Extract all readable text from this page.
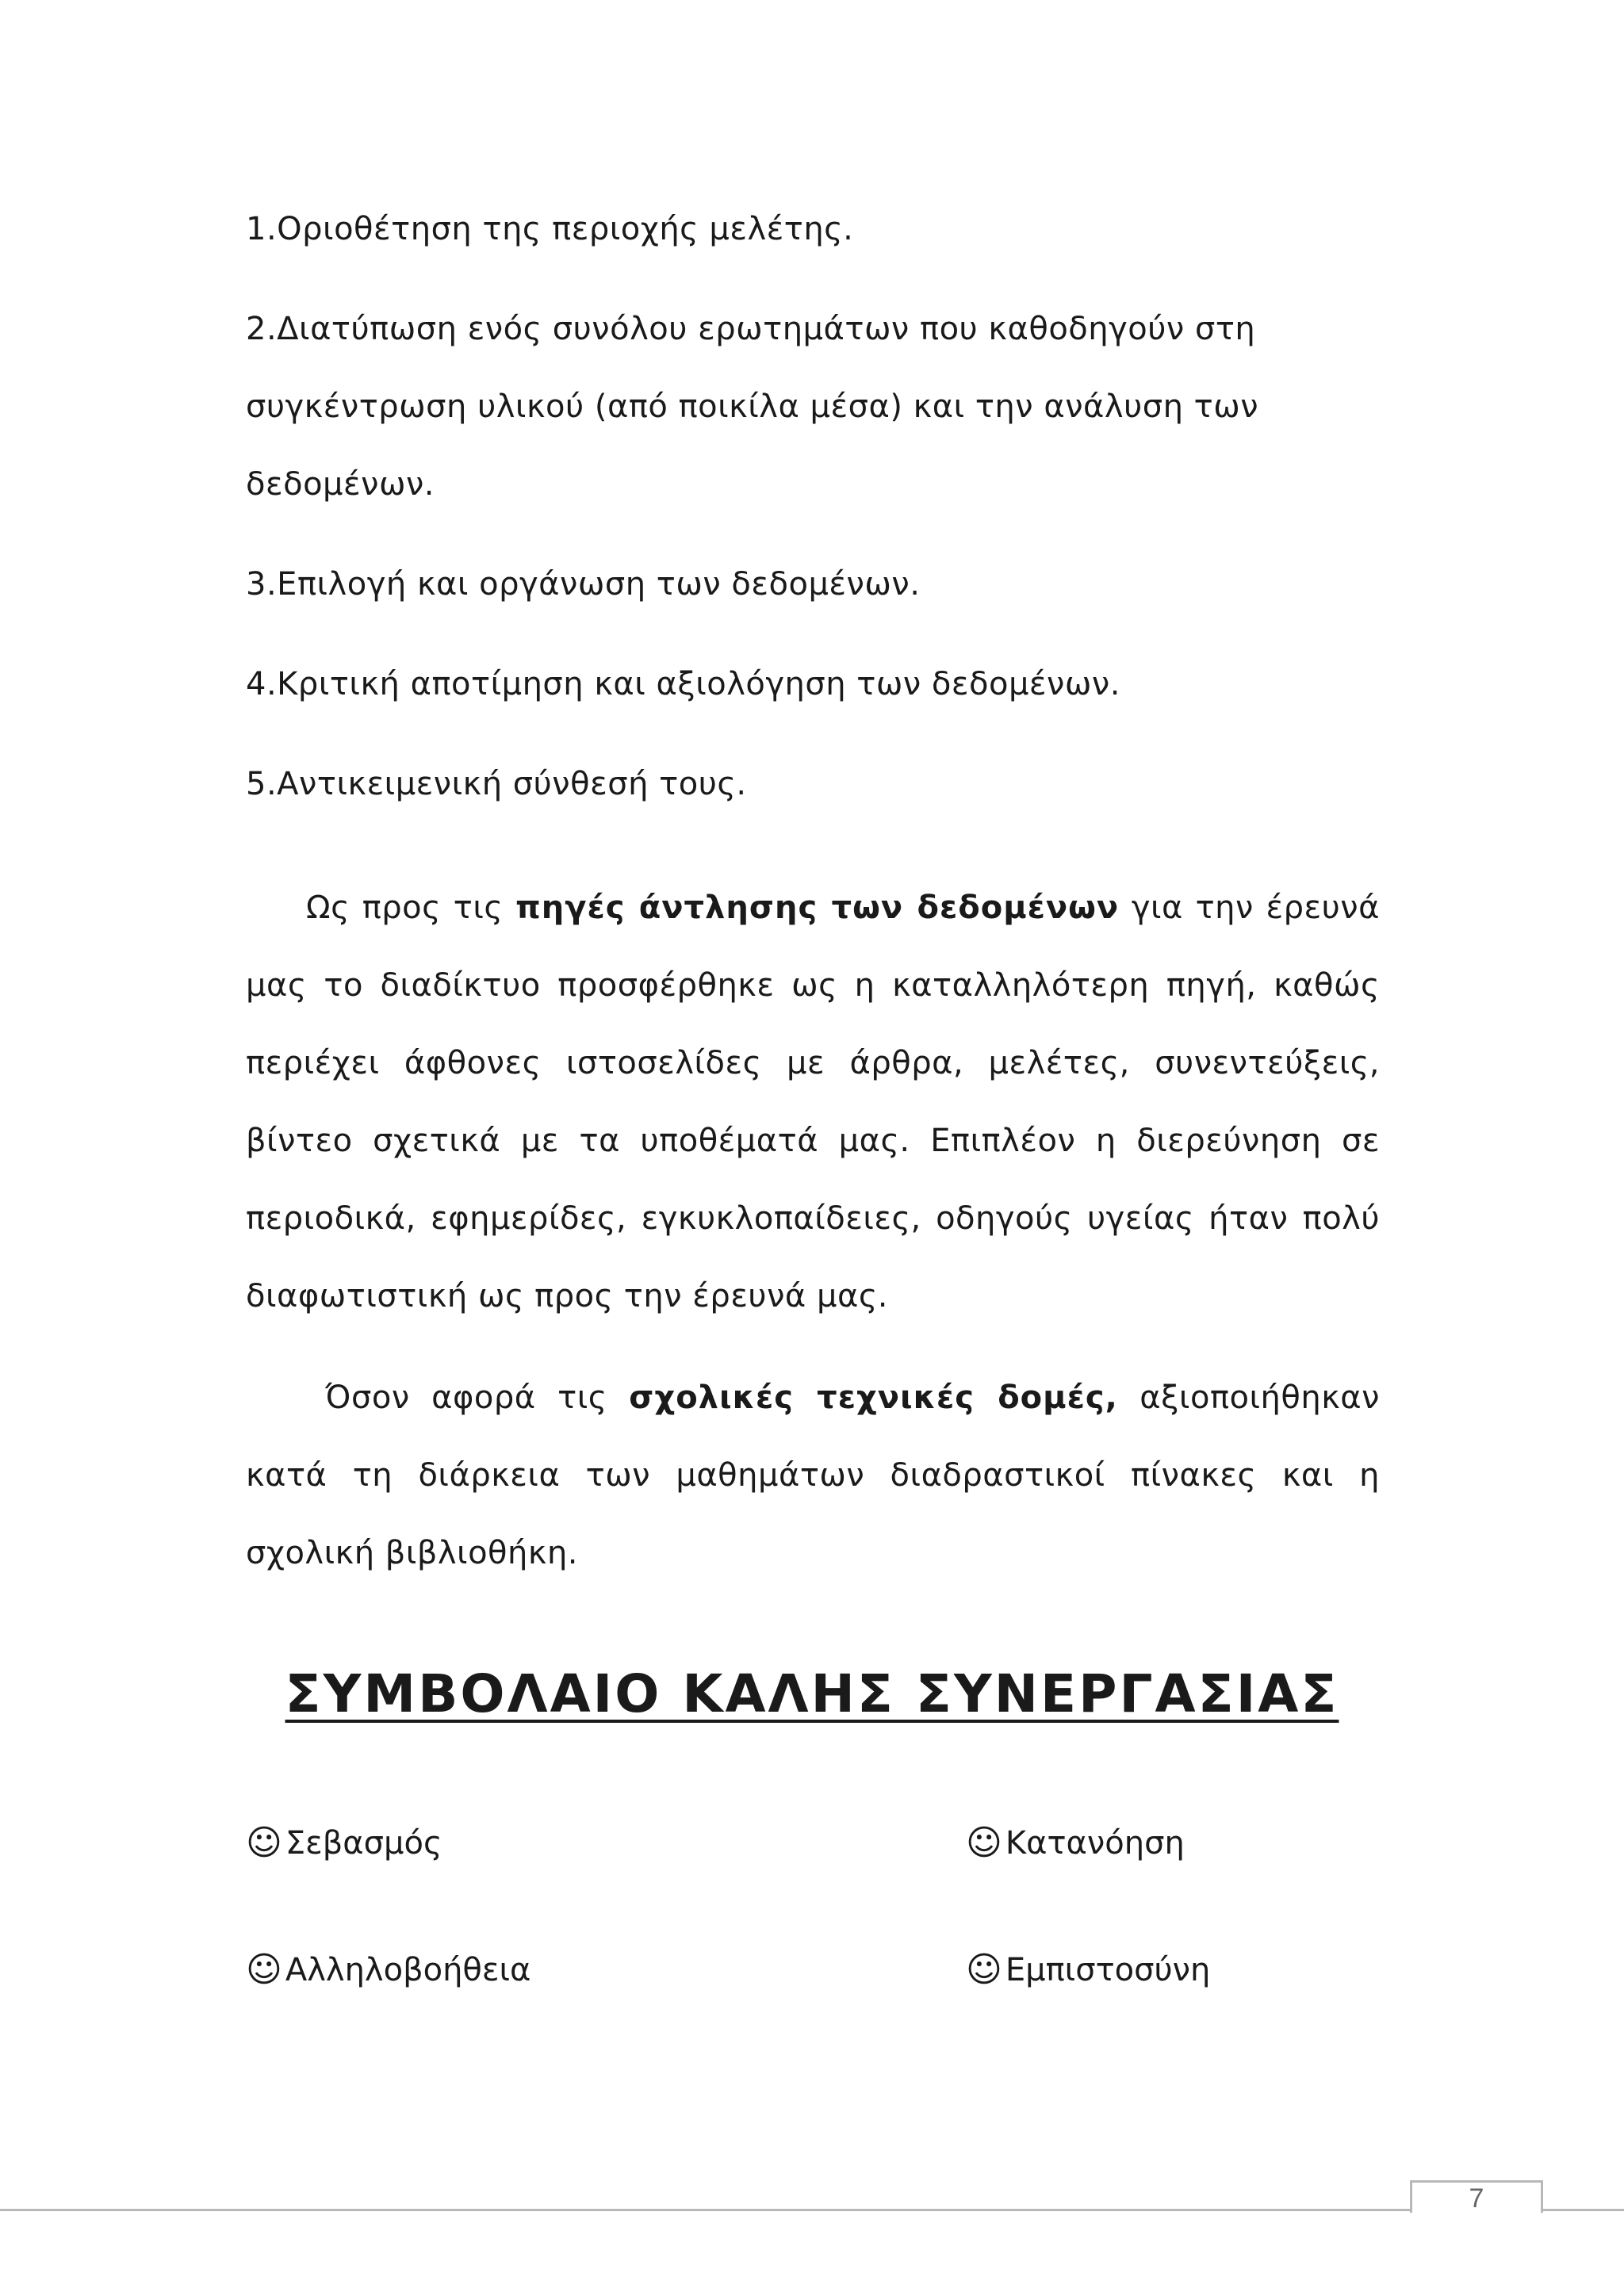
1.Οριοθέτηση της περιοχής μελέτης.

2.Διατύπωση ενός συνόλου ερωτημάτων που καθοδηγούν στη

συγκέντρωση υλικού (από ποικίλα μέσα) και την ανάλυση των

δεδομένων.

3.Επιλογή και οργάνωση των δεδομένων.

4.Κριτική αποτίμηση και αξιολόγηση των δεδομένων.

5.Αντικειμενική σύνθεσή τους.

Ως προς τις πηγές άντλησης των δεδομένων για την έρευνά μας το διαδίκτυο προσφέρθηκε ως η καταλληλότερη πηγή, καθώς περιέχει άφθονες ιστοσελίδες με άρθρα, μελέτες, συνεντεύξεις, βίντεο σχετικά με τα υποθέματά μας. Επιπλέον η διερεύνηση σε περιοδικά, εφημερίδες, εγκυκλοπαίδειες, οδηγούς υγείας ήταν πολύ διαφωτιστική ως προς την έρευνά μας.

Όσον αφορά τις σχολικές τεχνικές δομές, αξιοποιήθηκαν κατά τη διάρκεια των μαθημάτων διαδραστικοί πίνακες και η σχολική βιβλιοθήκη.

ΣΥΜΒΟΛΑΙΟ ΚΑΛΗΣ ΣΥΝΕΡΓΑΣΙΑΣ
☺ Σεβασμός	☺ Κατανόηση
☺ Αλληλοβοήθεια	☺ Εμπιστοσύνη
7
